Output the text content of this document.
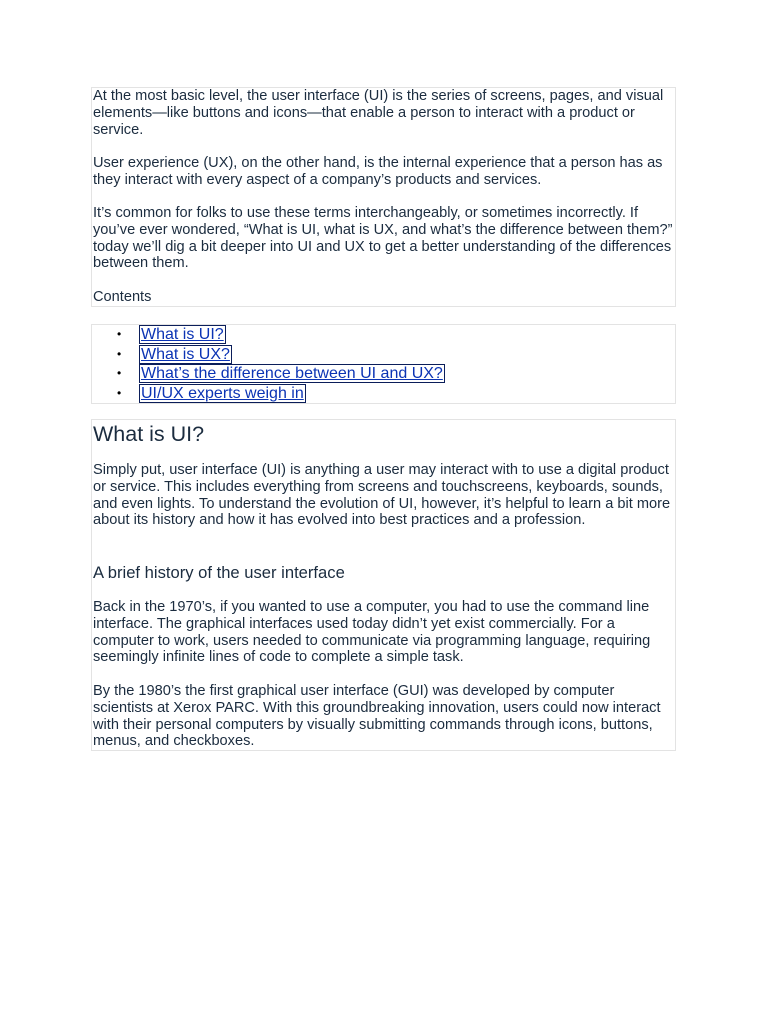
At the most basic level, the user interface (UI) is the series of screens, pages, and visual elements—like buttons and icons—that enable a person to interact with a product or service.

User experience (UX), on the other hand, is the internal experience that a person has as they interact with every aspect of a company’s products and services.

It’s common for folks to use these terms interchangeably, or sometimes incorrectly. If you’ve ever wondered, “What is UI, what is UX, and what’s the difference between them?” today we’ll dig a bit deeper into UI and UX to get a better understanding of the differences between them.

Contents

• What is UI?
• What is UX?
• What’s the difference between UI and UX?
• UI/UX experts weigh in
What is UI?

Simply put, user interface (UI) is anything a user may interact with to use a digital product or service. This includes everything from screens and touchscreens, keyboards, sounds, and even lights. To understand the evolution of UI, however, it’s helpful to learn a bit more about its history and how it has evolved into best practices and a profession.

A brief history of the user interface

Back in the 1970’s, if you wanted to use a computer, you had to use the command line interface. The graphical interfaces used today didn’t yet exist commercially. For a computer to work, users needed to communicate via programming language, requiring seemingly infinite lines of code to complete a simple task.

By the 1980’s the first graphical user interface (GUI) was developed by computer scientists at Xerox PARC. With this groundbreaking innovation, users could now interact with their personal computers by visually submitting commands through icons, buttons, menus, and checkboxes.
